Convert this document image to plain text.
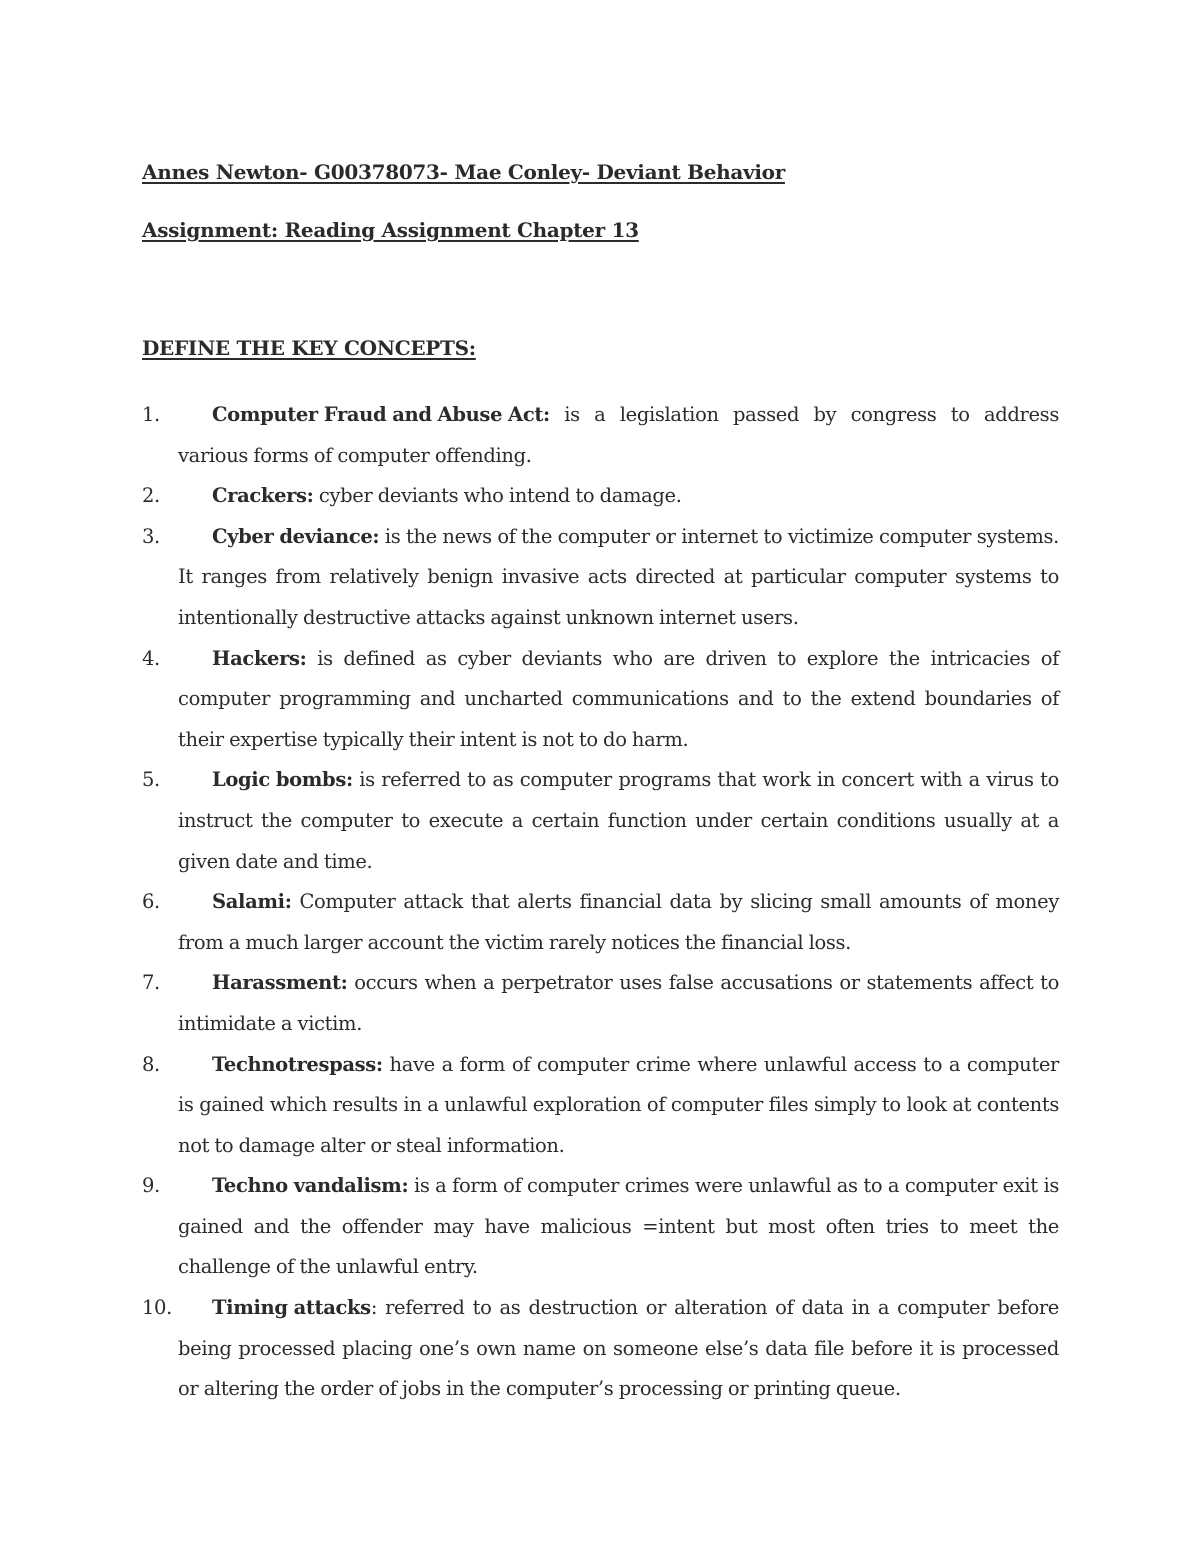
Annes Newton- G00378073- Mae Conley- Deviant Behavior
Assignment: Reading Assignment Chapter 13
DEFINE THE KEY CONCEPTS:
1.	Computer Fraud and Abuse Act: is a legislation passed by congress to address various forms of computer offending.
2.	Crackers: cyber deviants who intend to damage.
3.	Cyber deviance: is the news of the computer or internet to victimize computer systems. It ranges from relatively benign invasive acts directed at particular computer systems to intentionally destructive attacks against unknown internet users.
4.	Hackers: is defined as cyber deviants who are driven to explore the intricacies of computer programming and uncharted communications and to the extend boundaries of their expertise typically their intent is not to do harm.
5.	Logic bombs: is referred to as computer programs that work in concert with a virus to instruct the computer to execute a certain function under certain conditions usually at a given date and time.
6.	Salami: Computer attack that alerts financial data by slicing small amounts of money from a much larger account the victim rarely notices the financial loss.
7.	Harassment: occurs when a perpetrator uses false accusations or statements affect to intimidate a victim.
8.	Technotrespass: have a form of computer crime where unlawful access to a computer is gained which results in a unlawful exploration of computer files simply to look at contents not to damage alter or steal information.
9.	Techno vandalism: is a form of computer crimes were unlawful as to a computer exit is gained and the offender may have malicious =intent but most often tries to meet the challenge of the unlawful entry.
10.	Timing attacks: referred to as destruction or alteration of data in a computer before being processed placing one’s own name on someone else’s data file before it is processed or altering the order of jobs in the computer’s processing or printing queue.
